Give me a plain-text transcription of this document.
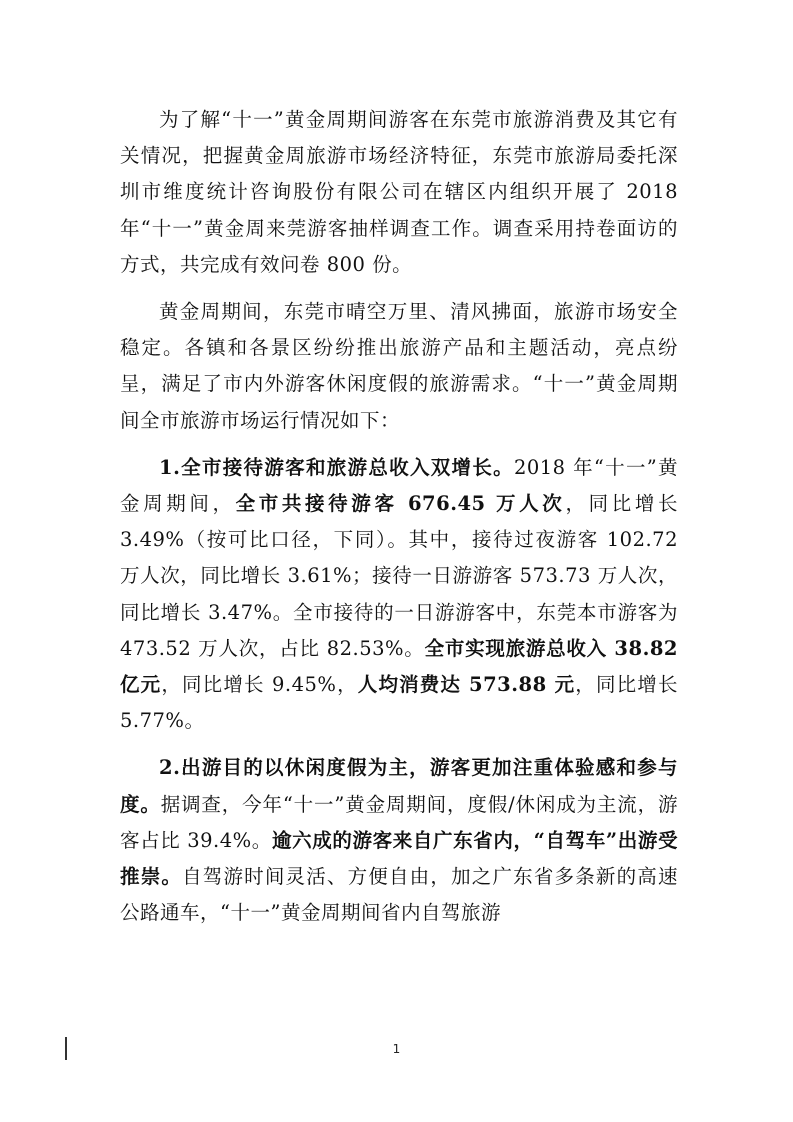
为了解“十一”黄金周期间游客在东莞市旅游消费及其它有关情况，把握黄金周旅游市场经济特征，东莞市旅游局委托深圳市维度统计咨询股份有限公司在辖区内组织开展了 2018 年“十一”黄金周来莞游客抽样调查工作。调查采用持卷面访的方式，共完成有效问卷 800 份。

黄金周期间，东莞市晴空万里、清风拂面，旅游市场安全稳定。各镇和各景区纷纷推出旅游产品和主题活动，亮点纷呈，满足了市内外游客休闲度假的旅游需求。“十一”黄金周期间全市旅游市场运行情况如下：

1.全市接待游客和旅游总收入双增长。2018 年“十一”黄金周期间，全市共接待游客 676.45 万人次，同比增长 3.49%（按可比口径，下同）。其中，接待过夜游客 102.72 万人次，同比增长 3.61%；接待一日游游客 573.73 万人次，同比增长 3.47%。全市接待的一日游游客中，东莞本市游客为 473.52 万人次，占比 82.53%。全市实现旅游总收入 38.82 亿元，同比增长 9.45%，人均消费达 573.88 元，同比增长 5.77%。

2.出游目的以休闲度假为主，游客更加注重体验感和参与度。据调查，今年“十一”黄金周期间，度假/休闲成为主流，游客占比 39.4%。逾六成的游客来自广东省内，“自驾车”出游受推崇。自驾游时间灵活、方便自由，加之广东省多条新的高速公路通车，“十一”黄金周期间省内自驾旅游

1
